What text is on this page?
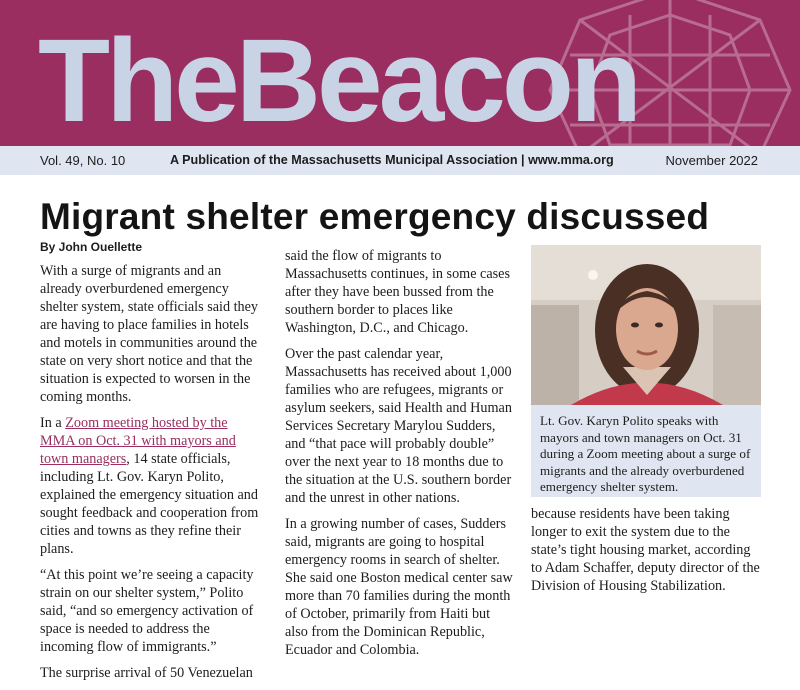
TheBeacon
Vol. 49, No. 10	A Publication of the Massachusetts Municipal Association | www.mma.org	November 2022
Migrant shelter emergency discussed
By John Ouellette

With a surge of migrants and an already overburdened emergency shelter system, state officials said they are having to place families in hotels and motels in communities around the state on very short notice and that the situation is expected to worsen in the coming months.

In a Zoom meeting hosted by the MMA on Oct. 31 with mayors and town managers, 14 state officials, including Lt. Gov. Karyn Polito, explained the emergency situation and sought feedback and cooperation from cities and towns as they refine their plans.

“At this point we’re seeing a capacity strain on our shelter system,” Polito said, “and so emergency activation of space is needed to address the incoming flow of immigrants.”

The surprise arrival of 50 Venezuelan

said the flow of migrants to Massachusetts continues, in some cases after they have been bussed from the southern border to places like Washington, D.C., and Chicago.

Over the past calendar year, Massachusetts has received about 1,000 families who are refugees, migrants or asylum seekers, said Health and Human Services Secretary Marylou Sudders, and “that pace will probably double” over the next year to 18 months due to the situation at the U.S. southern border and the unrest in other nations.

In a growing number of cases, Sudders said, migrants are going to hospital emergency rooms in search of shelter. She said one Boston medical center saw more than 70 families during the month of October, primarily from Haiti but also from the Dominican Republic, Ecuador and Colombia.

Lt. Gov. Karyn Polito speaks with mayors and town managers on Oct. 31 during a Zoom meeting about a surge of migrants and the already overburdened emergency shelter system.

because residents have been taking longer to exit the system due to the state’s tight housing market, according to Adam Schaffer, deputy director of the Division of Housing Stabilization.
